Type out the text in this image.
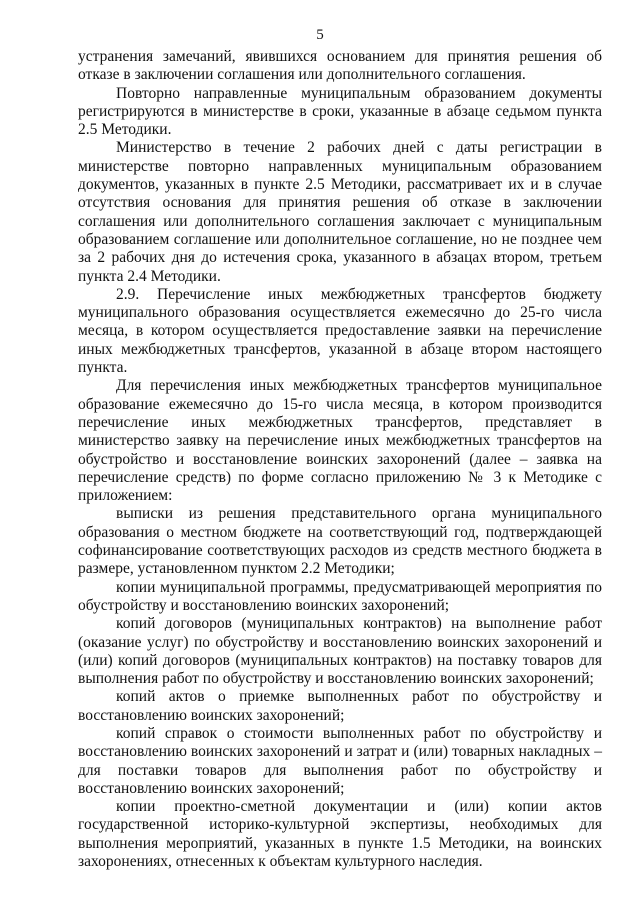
5

устранения замечаний, явившихся основанием для принятия решения об отказе в заключении соглашения или дополнительного соглашения.

Повторно направленные муниципальным образованием документы регистрируются в министерстве в сроки, указанные в абзаце седьмом пункта 2.5 Методики.

Министерство в течение 2 рабочих дней с даты регистрации в министерстве повторно направленных муниципальным образованием документов, указанных в пункте 2.5 Методики, рассматривает их и в случае отсутствия основания для принятия решения об отказе в заключении соглашения или дополнительного соглашения заключает с муниципальным образованием соглашение или дополнительное соглашение, но не позднее чем за 2 рабочих дня до истечения срока, указанного в абзацах втором, третьем пункта 2.4 Методики.

2.9. Перечисление иных межбюджетных трансфертов бюджету муниципального образования осуществляется ежемесячно до 25-го числа месяца, в котором осуществляется предоставление заявки на перечисление иных межбюджетных трансфертов, указанной в абзаце втором настоящего пункта.

Для перечисления иных межбюджетных трансфертов муниципальное образование ежемесячно до 15-го числа месяца, в котором производится перечисление иных межбюджетных трансфертов, представляет в министерство заявку на перечисление иных межбюджетных трансфертов на обустройство и восстановление воинских захоронений (далее – заявка на перечисление средств) по форме согласно приложению № 3 к Методике с приложением:

выписки из решения представительного органа муниципального образования о местном бюджете на соответствующий год, подтверждающей софинансирование соответствующих расходов из средств местного бюджета в размере, установленном пунктом 2.2 Методики;

копии муниципальной программы, предусматривающей мероприятия по обустройству и восстановлению воинских захоронений;

копий договоров (муниципальных контрактов) на выполнение работ (оказание услуг) по обустройству и восстановлению воинских захоронений и (или) копий договоров (муниципальных контрактов) на поставку товаров для выполнения работ по обустройству и восстановлению воинских захоронений;

копий актов о приемке выполненных работ по обустройству и восстановлению воинских захоронений;

копий справок о стоимости выполненных работ по обустройству и восстановлению воинских захоронений и затрат и (или) товарных накладных – для поставки товаров для выполнения работ по обустройству и восстановлению воинских захоронений;

копии проектно-сметной документации и (или) копии актов государственной историко-культурной экспертизы, необходимых для выполнения мероприятий, указанных в пункте 1.5 Методики, на воинских захоронениях, отнесенных к объектам культурного наследия.
